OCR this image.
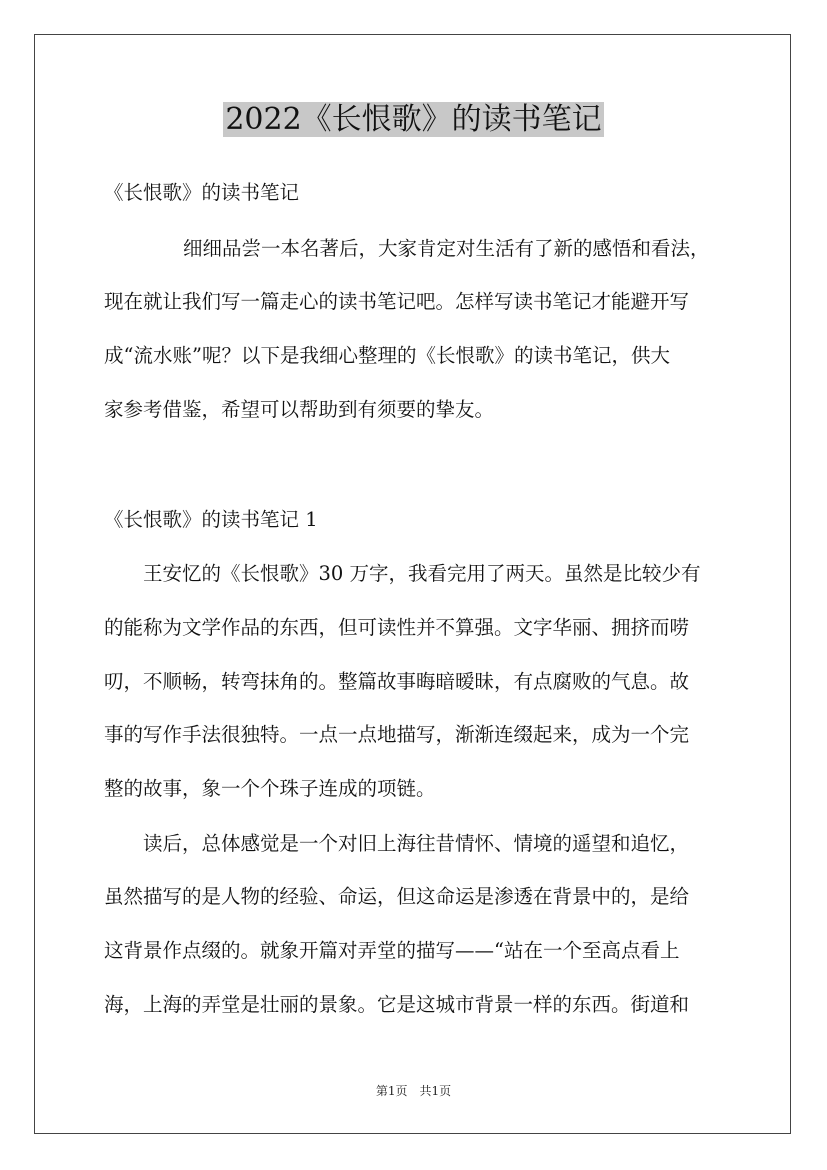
2022《长恨歌》的读书笔记
《长恨歌》的读书笔记
细细品尝一本名著后，大家肯定对生活有了新的感悟和看法，
现在就让我们写一篇走心的读书笔记吧。怎样写读书笔记才能避开写
成“流水账”呢？以下是我细心整理的《长恨歌》的读书笔记，供大
家参考借鉴，希望可以帮助到有须要的挚友。
《长恨歌》的读书笔记 1
王安忆的《长恨歌》30 万字，我看完用了两天。虽然是比较少有
的能称为文学作品的东西，但可读性并不算强。文字华丽、拥挤而唠
叨，不顺畅，转弯抹角的。整篇故事晦暗暧昧，有点腐败的气息。故
事的写作手法很独特。一点一点地描写，渐渐连缀起来，成为一个完
整的故事，象一个个珠子连成的项链。
读后，总体感觉是一个对旧上海往昔情怀、情境的遥望和追忆，
虽然描写的是人物的经验、命运，但这命运是渗透在背景中的，是给
这背景作点缀的。就象开篇对弄堂的描写——“站在一个至高点看上
海，上海的弄堂是壮丽的景象。它是这城市背景一样的东西。街道和
第1页　共1页
